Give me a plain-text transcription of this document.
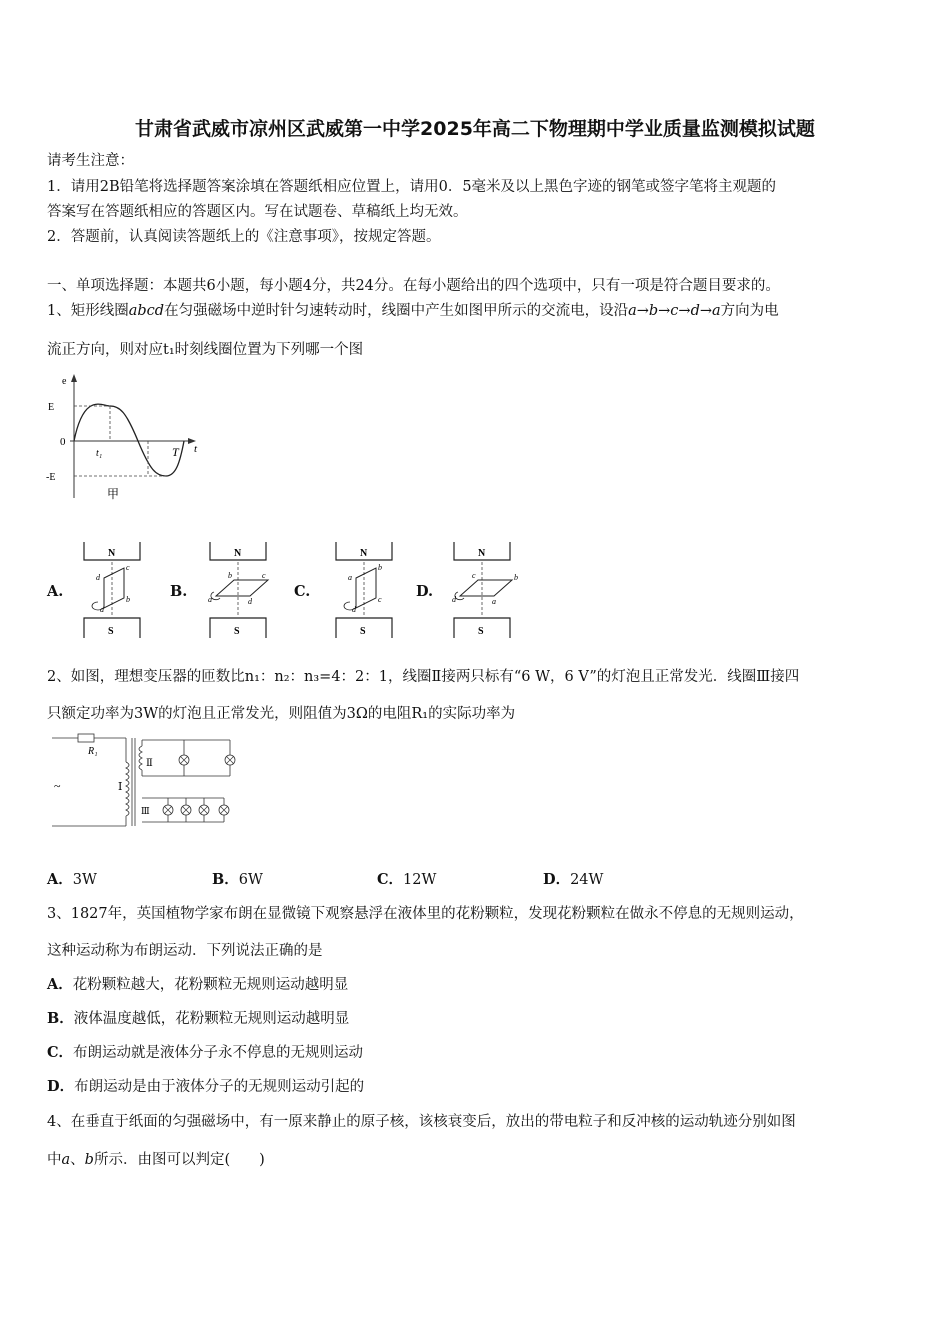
甘肃省武威市凉州区武威第一中学2025年高二下物理期中学业质量监测模拟试题
请考生注意：
1．请用2B铅笔将选择题答案涂填在答题纸相应位置上，请用0．5毫米及以上黑色字迹的钢笔或签字笔将主观题的
答案写在答题纸相应的答题区内。写在试题卷、草稿纸上均无效。
2．答题前，认真阅读答题纸上的《注意事项》，按规定答题。
一、单项选择题：本题共6小题，每小题4分，共24分。在每小题给出的四个选项中，只有一项是符合题目要求的。
1、矩形线圈abcd在匀强磁场中逆时针匀速转动时，线圈中产生如图甲所示的交流电，设沿a→b→c→d→a方向为电
流正方向，则对应t₁时刻线圈位置为下列哪一个图
e
t
E
0
-E
t₁	T
甲
A.
N
S
d
c
b
a
B.
N
S
b	c
d
a	C.
N
S
a
b
c
d
D.
N
S
c	b
a
d
2、如图，理想变压器的匝数比n₁：n₂：n₃=4：2：1，线圈Ⅱ接两只标有“6 W，6 V”的灯泡且正常发光．线圈Ⅲ接四
只额定功率为3W的灯泡且正常发光，则阻值为3Ω的电阻R₁的实际功率为
R₁
Ⅰ
~
Ⅱ
Ⅲ
A．3W	B．6W	C．12W	D．24W
3、1827年，英国植物学家布朗在显微镜下观察悬浮在液体里的花粉颗粒，发现花粉颗粒在做永不停息的无规则运动，
这种运动称为布朗运动．下列说法正确的是
A．花粉颗粒越大，花粉颗粒无规则运动越明显
B．液体温度越低，花粉颗粒无规则运动越明显
C．布朗运动就是液体分子永不停息的无规则运动
D．布朗运动是由于液体分子的无规则运动引起的
4、在垂直于纸面的匀强磁场中，有一原来静止的原子核，该核衰变后，放出的带电粒子和反冲核的运动轨迹分别如图
中a、b所示．由图可以判定(　　)
